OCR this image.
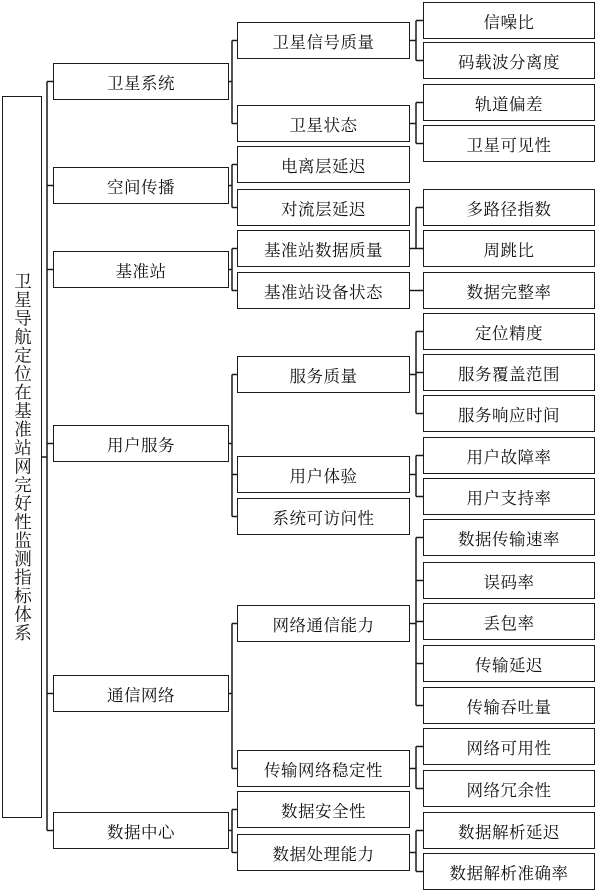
卫星导航定位在基准站网完好性监测指标体系
卫星系统
卫星信号质量
信噪比
码载波分离度
卫星状态
轨道偏差
卫星可见性
空间传播
电离层延迟
对流层延迟
基准站
基准站数据质量
多路径指数
周跳比
基准站设备状态	数据完整率
用户服务
服务质量
定位精度
服务覆盖范围
服务响应时间
用户体验
用户故障率
用户支持率
系统可访问性
通信网络
网络通信能力
数据传输速率
误码率
丢包率
传输延迟
传输吞吐量
传输网络稳定性
网络可用性
网络冗余性
数据中心
数据安全性
数据处理能力
数据解析延迟
数据解析准确率
